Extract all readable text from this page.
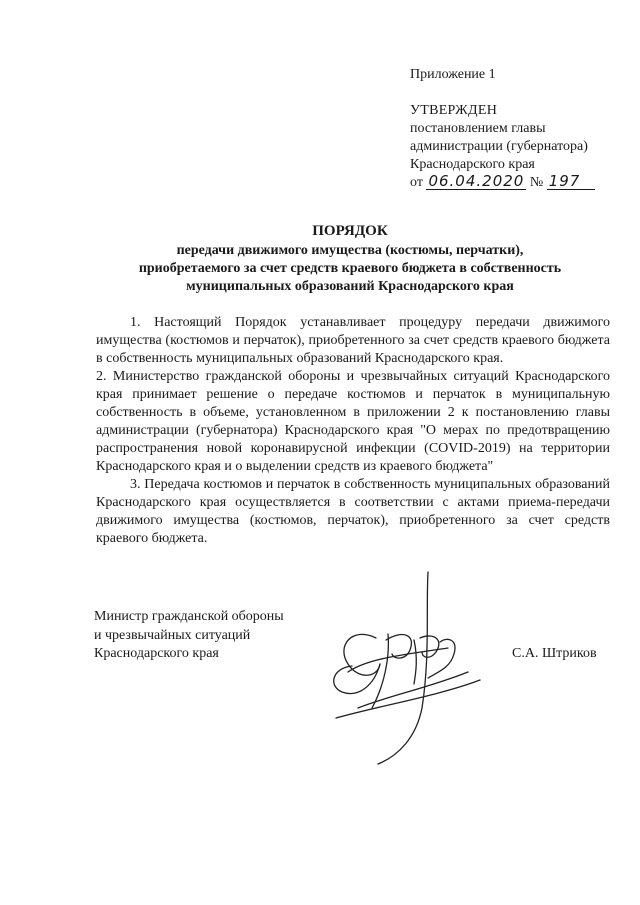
Приложение 1
УТВЕРЖДЕН
постановлением главы
администрации (губернатора)
Краснодарского края
от 06.04.2020 № 197
ПОРЯДОК
передачи движимого имущества (костюмы, перчатки),
приобретаемого за счет средств краевого бюджета в собственность
муниципальных образований Краснодарского края

1. Настоящий Порядок устанавливает процедуру передачи движимого имущества (костюмов и перчаток), приобретенного за счет средств краевого бюджета в собственность муниципальных образований Краснодарского края.

2. Министерство гражданской обороны и чрезвычайных ситуаций Краснодарского края принимает решение о передаче костюмов и перчаток в муниципальную собственность в объеме, установленном в приложении 2 к постановлению главы администрации (губернатора) Краснодарского края "О мерах по предотвращению распространения новой коронавирусной инфекции (COVID-2019) на территории Краснодарского края и о выделении средств из краевого бюджета"

3. Передача костюмов и перчаток в собственность муниципальных образований Краснодарского края осуществляется в соответствии с актами приема-передачи движимого имущества (костюмов, перчаток), приобретенного за счет средств краевого бюджета.

Министр гражданской обороны
и чрезвычайных ситуаций
Краснодарского края	С.А. Штриков
